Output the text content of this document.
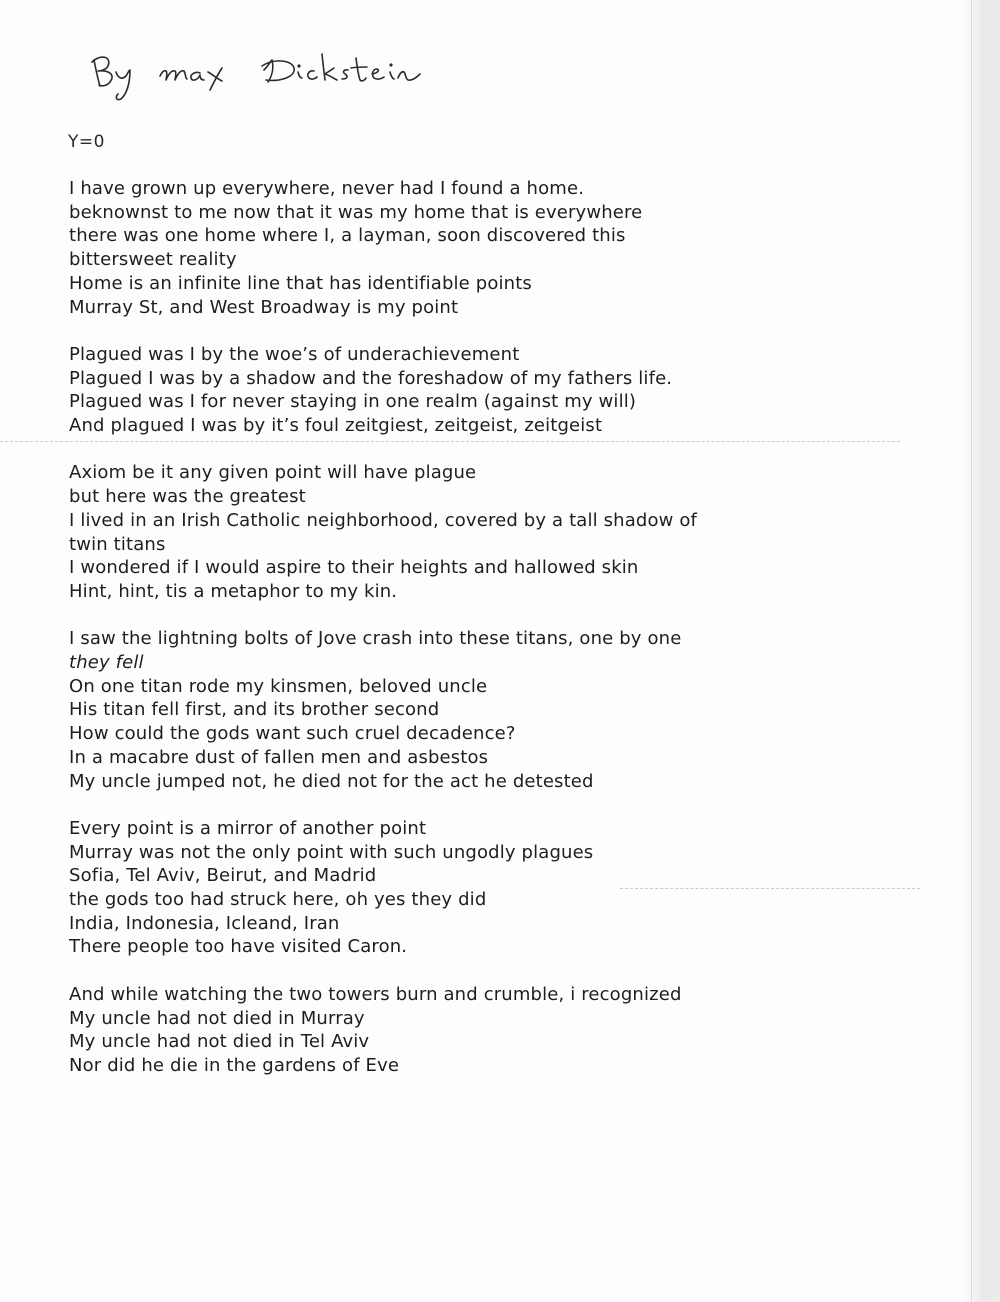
Y=0
I have grown up everywhere, never had I found a home.
beknownst to me now that it was my home that is everywhere
there was one home where I, a layman, soon discovered this
bittersweet reality
Home is an infinite line that has identifiable points
Murray St, and West Broadway is my point
Plagued was I by the woe’s of underachievement
Plagued I was by a shadow and the foreshadow of my fathers life.
Plagued was I for never staying in one realm (against my will)
And plagued I was by it’s foul zeitgiest, zeitgeist, zeitgeist
Axiom be it any given point will have plague
but here was the greatest
I lived in an Irish Catholic neighborhood, covered by a tall shadow of
twin titans
I wondered if I would aspire to their heights and hallowed skin
Hint, hint, tis a metaphor to my kin.
I saw the lightning bolts of Jove crash into these titans, one by one
they fell
On one titan rode my kinsmen, beloved uncle
His titan fell first, and its brother second
How could the gods want such cruel decadence?
In a macabre dust of fallen men and asbestos
My uncle jumped not, he died not for the act he detested
Every point is a mirror of another point
Murray was not the only point with such ungodly plagues
Sofia, Tel Aviv, Beirut, and Madrid
the gods too had struck here, oh yes they did
India, Indonesia, Icleand, Iran
There people too have visited Caron.
And while watching the two towers burn and crumble, i recognized
My uncle had not died in Murray
My uncle had not died in Tel Aviv
Nor did he die in the gardens of Eve
